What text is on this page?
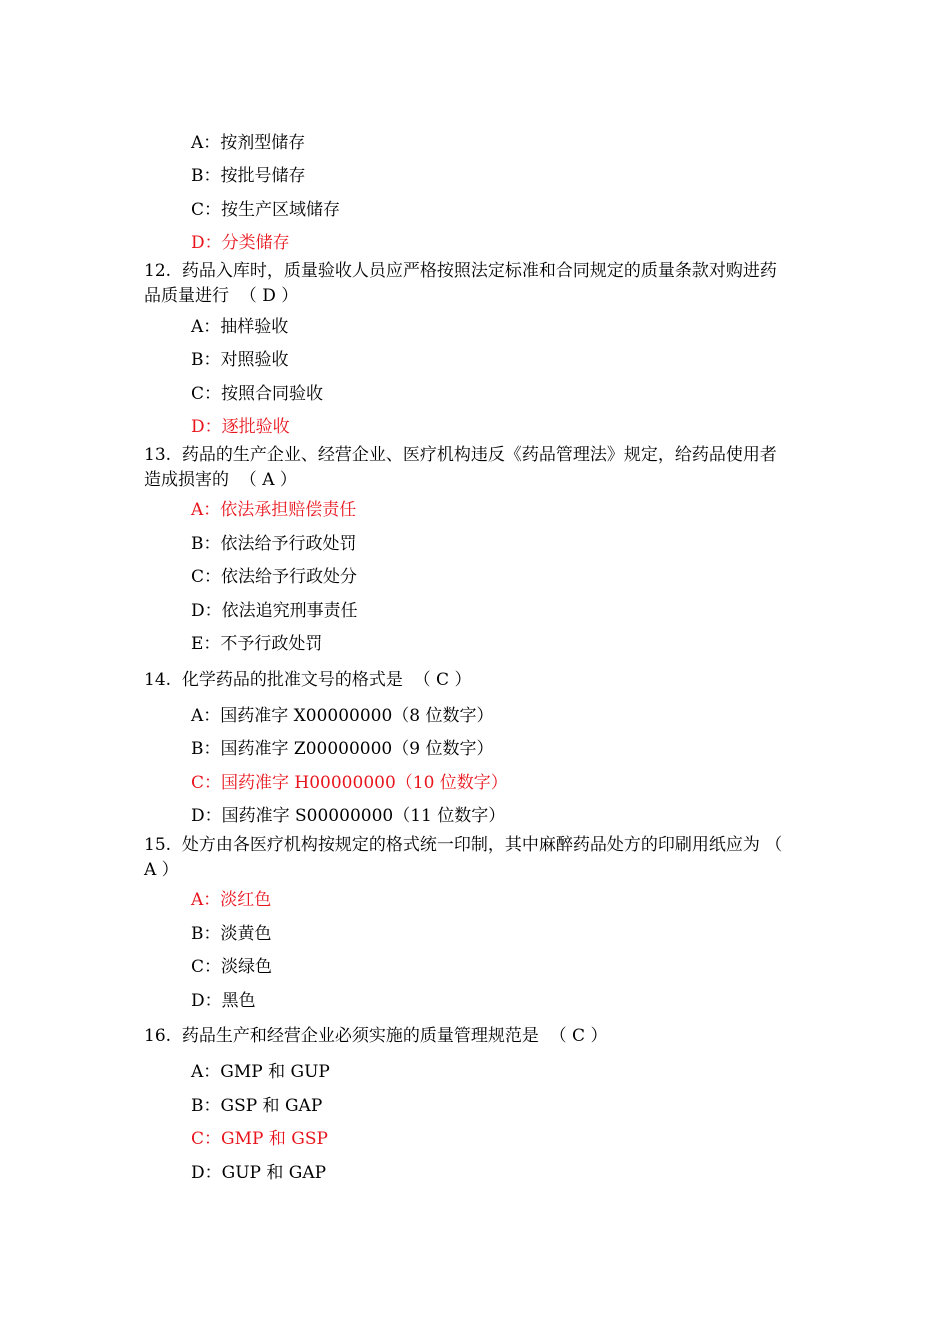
A：按剂型储存
B：按批号储存
C：按生产区域储存
D：分类储存
12.  药品入库时，质量验收人员应严格按照法定标准和合同规定的质量条款对购进药
品质量进行  （ D ）
A：抽样验收
B：对照验收
C：按照合同验收
D：逐批验收
13.  药品的生产企业、经营企业、医疗机构违反《药品管理法》规定，给药品使用者
造成损害的  （ A ）
A：依法承担赔偿责任
B：依法给予行政处罚
C：依法给予行政处分
D：依法追究刑事责任
E：不予行政处罚
14.  化学药品的批准文号的格式是  （ C ）
A：国药准字 X00000000（8 位数字）
B：国药准字 Z00000000（9 位数字）
C：国药准字 H00000000（10 位数字）
D：国药准字 S00000000（11 位数字）
15.  处方由各医疗机构按规定的格式统一印制，其中麻醉药品处方的印刷用纸应为 （
A ）
A：淡红色
B：淡黄色
C：淡绿色
D：黑色
16.  药品生产和经营企业必须实施的质量管理规范是  （ C ）
A：GMP 和 GUP
B：GSP 和 GAP
C：GMP 和 GSP
D：GUP 和 GAP
